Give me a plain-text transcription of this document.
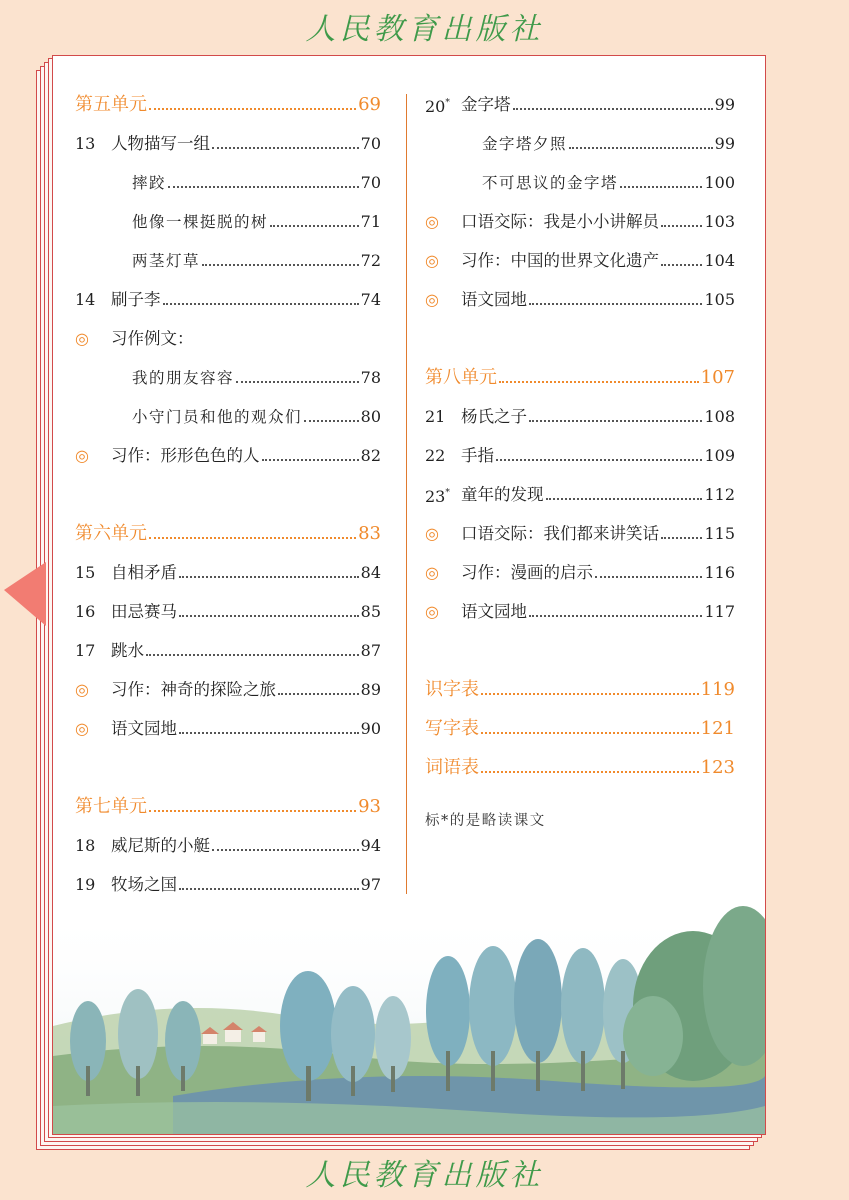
人民教育出版社
第五单元	69
13 人物描写一组	70
摔跤	70
他像一棵挺脱的树	71
两茎灯草	72
14 刷子李	74
◎	习作例文：
我的朋友容容	78
小守门员和他的观众们	80
◎	习作：形形色色的人	82
第六单元	83
15 自相矛盾	84
16 田忌赛马	85
17 跳水	87
◎	习作：神奇的探险之旅	89
◎	语文园地	90
第七单元	93
18 威尼斯的小艇	94
19 牧场之国	97
20* 金字塔	99
金字塔夕照	99
不可思议的金字塔	100
◎	口语交际：我是小小讲解员	103
◎	习作：中国的世界文化遗产	104
◎	语文园地	105
第八单元	107
21 杨氏之子	108
22 手指	109
23* 童年的发现	112
◎	口语交际：我们都来讲笑话	115
◎	习作：漫画的启示	116
◎	语文园地	117
识字表	119
写字表	121
词语表	123
标*的是略读课文
人民教育出版社
